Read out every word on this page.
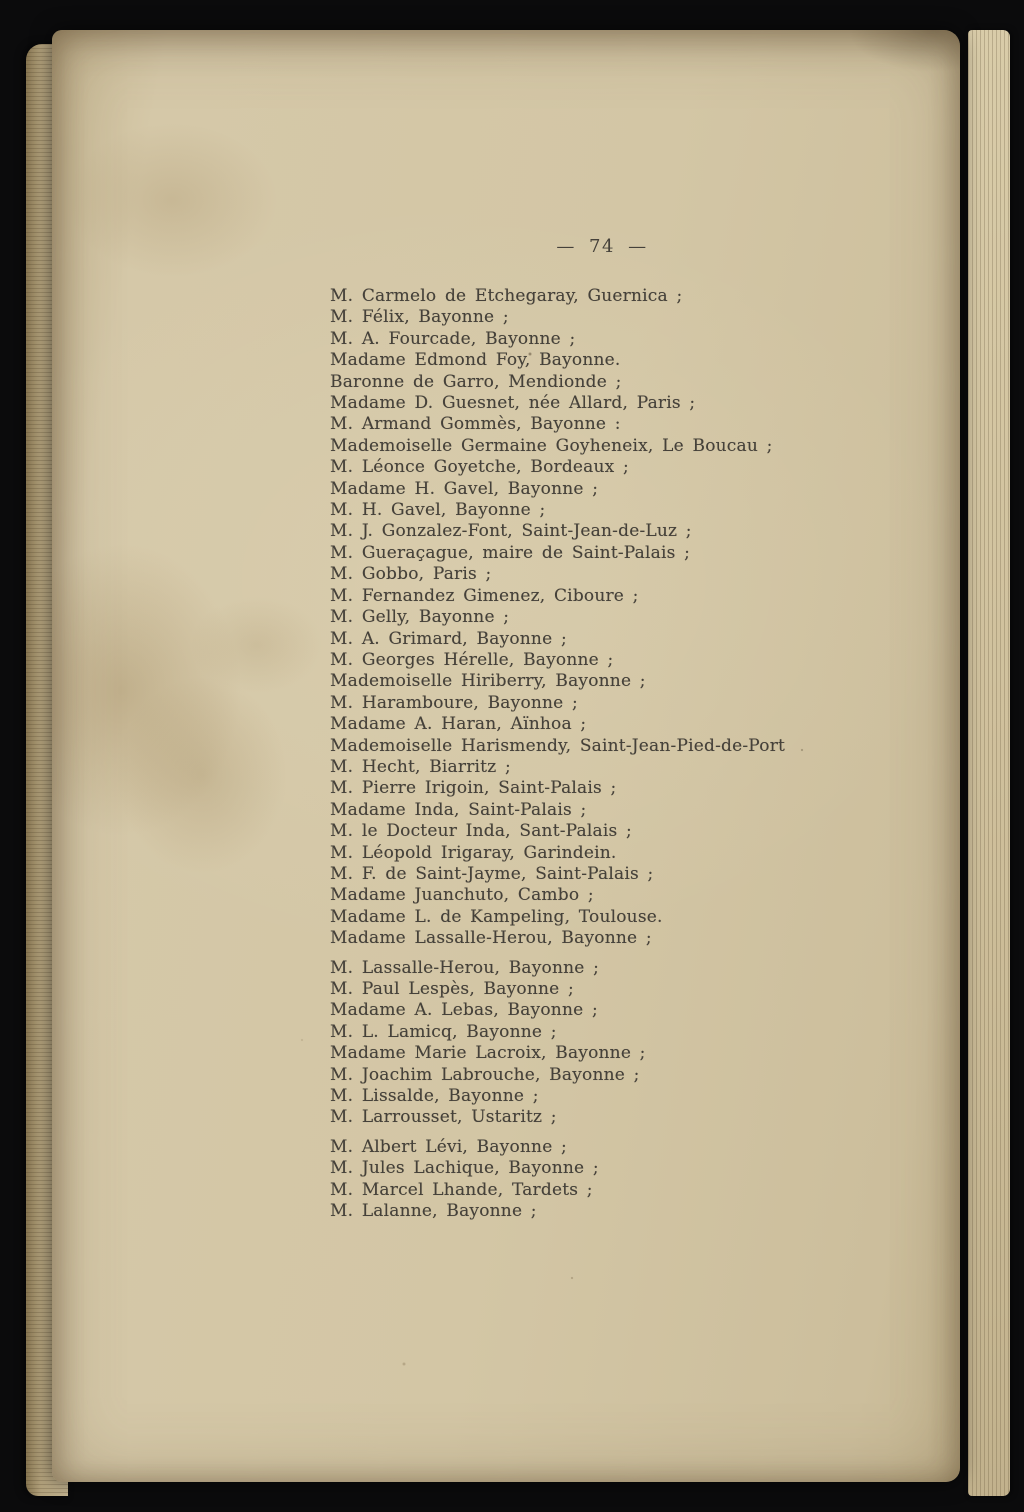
— 74 —
M. Carmelo de Etchegaray, Guernica ;
M. Félix, Bayonne ;
M. A. Fourcade, Bayonne ;
Madame Edmond Foy, Bayonne.
Baronne de Garro, Mendionde ;
Madame D. Guesnet, née Allard, Paris ;
M. Armand Gommès, Bayonne :
Mademoiselle Germaine Goyheneix, Le Boucau ;
M. Léonce Goyetche, Bordeaux ;
Madame H. Gavel, Bayonne ;
M. H. Gavel, Bayonne ;
M. J. Gonzalez-Font, Saint-Jean-de-Luz ;
M. Gueraçague, maire de Saint-Palais ;
M. Gobbo, Paris ;
M. Fernandez Gimenez, Ciboure ;
M. Gelly, Bayonne ;
M. A. Grimard, Bayonne ;
M. Georges Hérelle, Bayonne ;
Mademoiselle Hiriberry, Bayonne ;
M. Haramboure, Bayonne ;
Madame A. Haran, Aïnhoa ;
Mademoiselle Harismendy, Saint-Jean-Pied-de-Port
M. Hecht, Biarritz ;
M. Pierre Irigoin, Saint-Palais ;
Madame Inda, Saint-Palais ;
M. le Docteur Inda, Sant-Palais ;
M. Léopold Irigaray, Garindein.
M. F. de Saint-Jayme, Saint-Palais ;
Madame Juanchuto, Cambo ;
Madame L. de Kampeling, Toulouse.
Madame Lassalle-Herou, Bayonne ;
M. Lassalle-Herou, Bayonne ;
M. Paul Lespès, Bayonne ;
Madame A. Lebas, Bayonne ;
M. L. Lamicq, Bayonne ;
Madame Marie Lacroix, Bayonne ;
M. Joachim Labrouche, Bayonne ;
M. Lissalde, Bayonne ;
M. Larrousset, Ustaritz ;
M. Albert Lévi, Bayonne ;
M. Jules Lachique, Bayonne ;
M. Marcel Lhande, Tardets ;
M. Lalanne, Bayonne ;
